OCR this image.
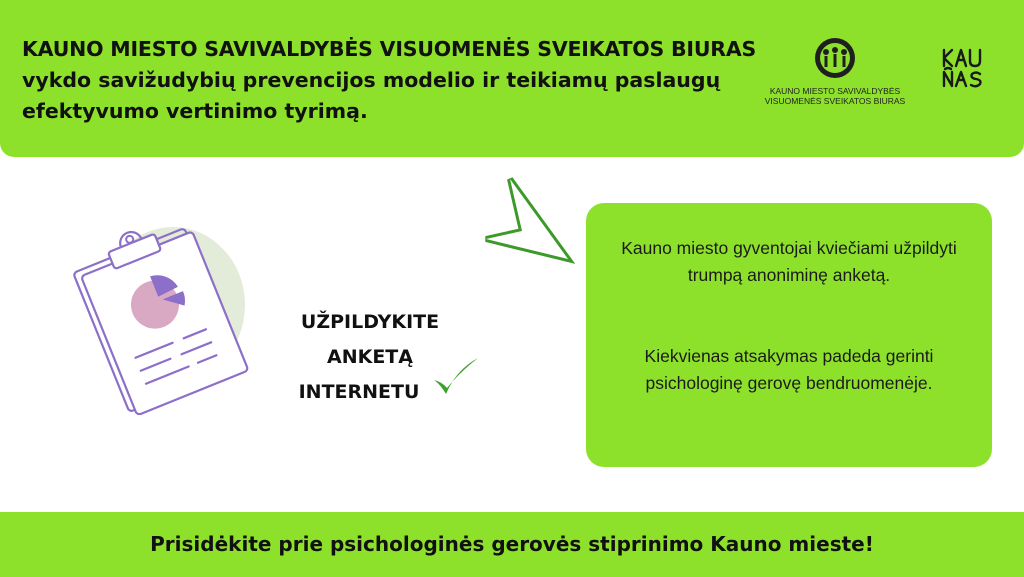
KAUNO MIESTO SAVIVALDYBĖS VISUOMENĖS SVEIKATOS BIURAS
vykdo savižudybių prevencijos modelio ir teikiamų paslaugų
efektyvumo vertinimo tyrimą.
KAUNO MIESTO SAVIVALDYBĖS
VISUOMENĖS SVEIKATOS BIURAS
UŽPILDYKITE
ANKETĄ
INTERNETU

Kauno miesto gyventojai kviečiami užpildyti trumpą anoniminę anketą.

Kiekvienas atsakymas padeda gerinti psichologinę gerovę bendruomenėje.

Prisidėkite prie psichologinės gerovės stiprinimo Kauno mieste!
